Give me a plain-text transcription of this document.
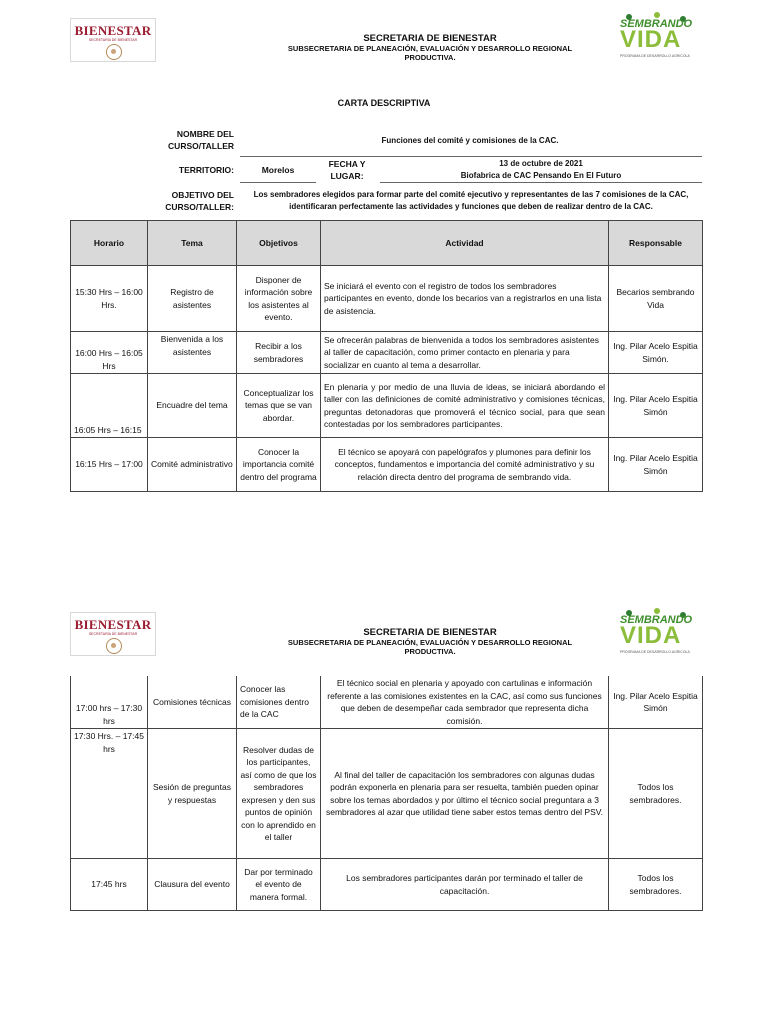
BIENESTAR
SECRETARÍA DE BIENESTAR	SECRETARIA DE BIENESTAR
SUBSECRETARIA DE PLANEACIÓN, EVALUACIÓN Y DESARROLLO REGIONAL PRODUCTIVA.
SEMBRANDO
VIDA
PROGRAMA DE DESARROLLO AGRICOLA
CARTA DESCRIPTIVA
NOMBRE DEL CURSO/TALLER
Funciones del comité y comisiones de la CAC.
TERRITORIO:	Morelos
FECHA Y LUGAR:
13 de octubre de 2021
Biofabrica de CAC Pensando En El Futuro
OBJETIVO DEL CURSO/TALLER:
Los sembradores elegidos para formar parte del comité ejecutivo y representantes de las 7 comisiones de la CAC, identificaran perfectamente las actividades y funciones que deben de realizar dentro de la CAC.
Horario	Tema	Objetivos	Actividad	Responsable
15:30 Hrs – 16:00 Hrs.	Registro de asistentes	Disponer de información sobre los asistentes al evento.	Se iniciará el evento con el registro de todos los sembradores participantes en evento, donde los becarios van a registrarlos en una lista de asistencia.	Becarios sembrando Vida
16:00 Hrs – 16:05 Hrs	Bienvenida a los asistentes	Recibir a los sembradores	Se ofrecerán palabras de bienvenida a todos los sembradores asistentes al taller de capacitación, como primer contacto en plenaria y para socializar en cuanto al tema a desarrollar.	Ing. Pilar Acelo Espitia Simón.
16:05 Hrs – 16:15	Encuadre del tema	Conceptualizar los temas que se van abordar.	En plenaria y por medio de una lluvia de ideas, se iniciará abordando el taller con las definiciones de comité administrativo y comisiones técnicas, preguntas detonadoras que promoverá el técnico social, para que sean contestadas por los sembradores participantes.	Ing. Pilar Acelo Espitia Simón
16:15 Hrs – 17:00	Comité administrativo	Conocer la importancia comité dentro del programa	El técnico se apoyará con papelógrafos y plumones para definir los conceptos, fundamentos e importancia del comité administrativo y su relación directa dentro del programa de sembrando vida.	Ing. Pilar Acelo Espitia Simón
BIENESTAR
SECRETARÍA DE BIENESTAR	SECRETARIA DE BIENESTAR
SUBSECRETARIA DE PLANEACIÓN, EVALUACIÓN Y DESARROLLO REGIONAL PRODUCTIVA.
SEMBRANDO
VIDA
PROGRAMA DE DESARROLLO AGRICOLA
17:00 hrs – 17:30 hrs	Comisiones técnicas	Conocer las comisiones dentro de la CAC	El técnico social en plenaria y apoyado con cartulinas e información referente a las comisiones existentes en la CAC, así como sus funciones que deben de desempeñar cada sembrador que representa dicha comisión.	Ing. Pilar Acelo Espitia Simón
17:30 Hrs. – 17:45 hrs	Sesión de preguntas y respuestas	Resolver dudas de los participantes, así como de que los sembradores expresen y den sus puntos de opinión con lo aprendido en el taller	Al final del taller de capacitación los sembradores con algunas dudas podrán exponerla en plenaria para ser resuelta, también pueden opinar sobre los temas abordados y por último el técnico social preguntara a 3 sembradores al azar que utilidad tiene saber estos temas dentro del PSV.	Todos los sembradores.
17:45 hrs	Clausura del evento	Dar por terminado el evento de manera formal.	Los sembradores participantes darán por terminado el taller de capacitación.	Todos los sembradores.
